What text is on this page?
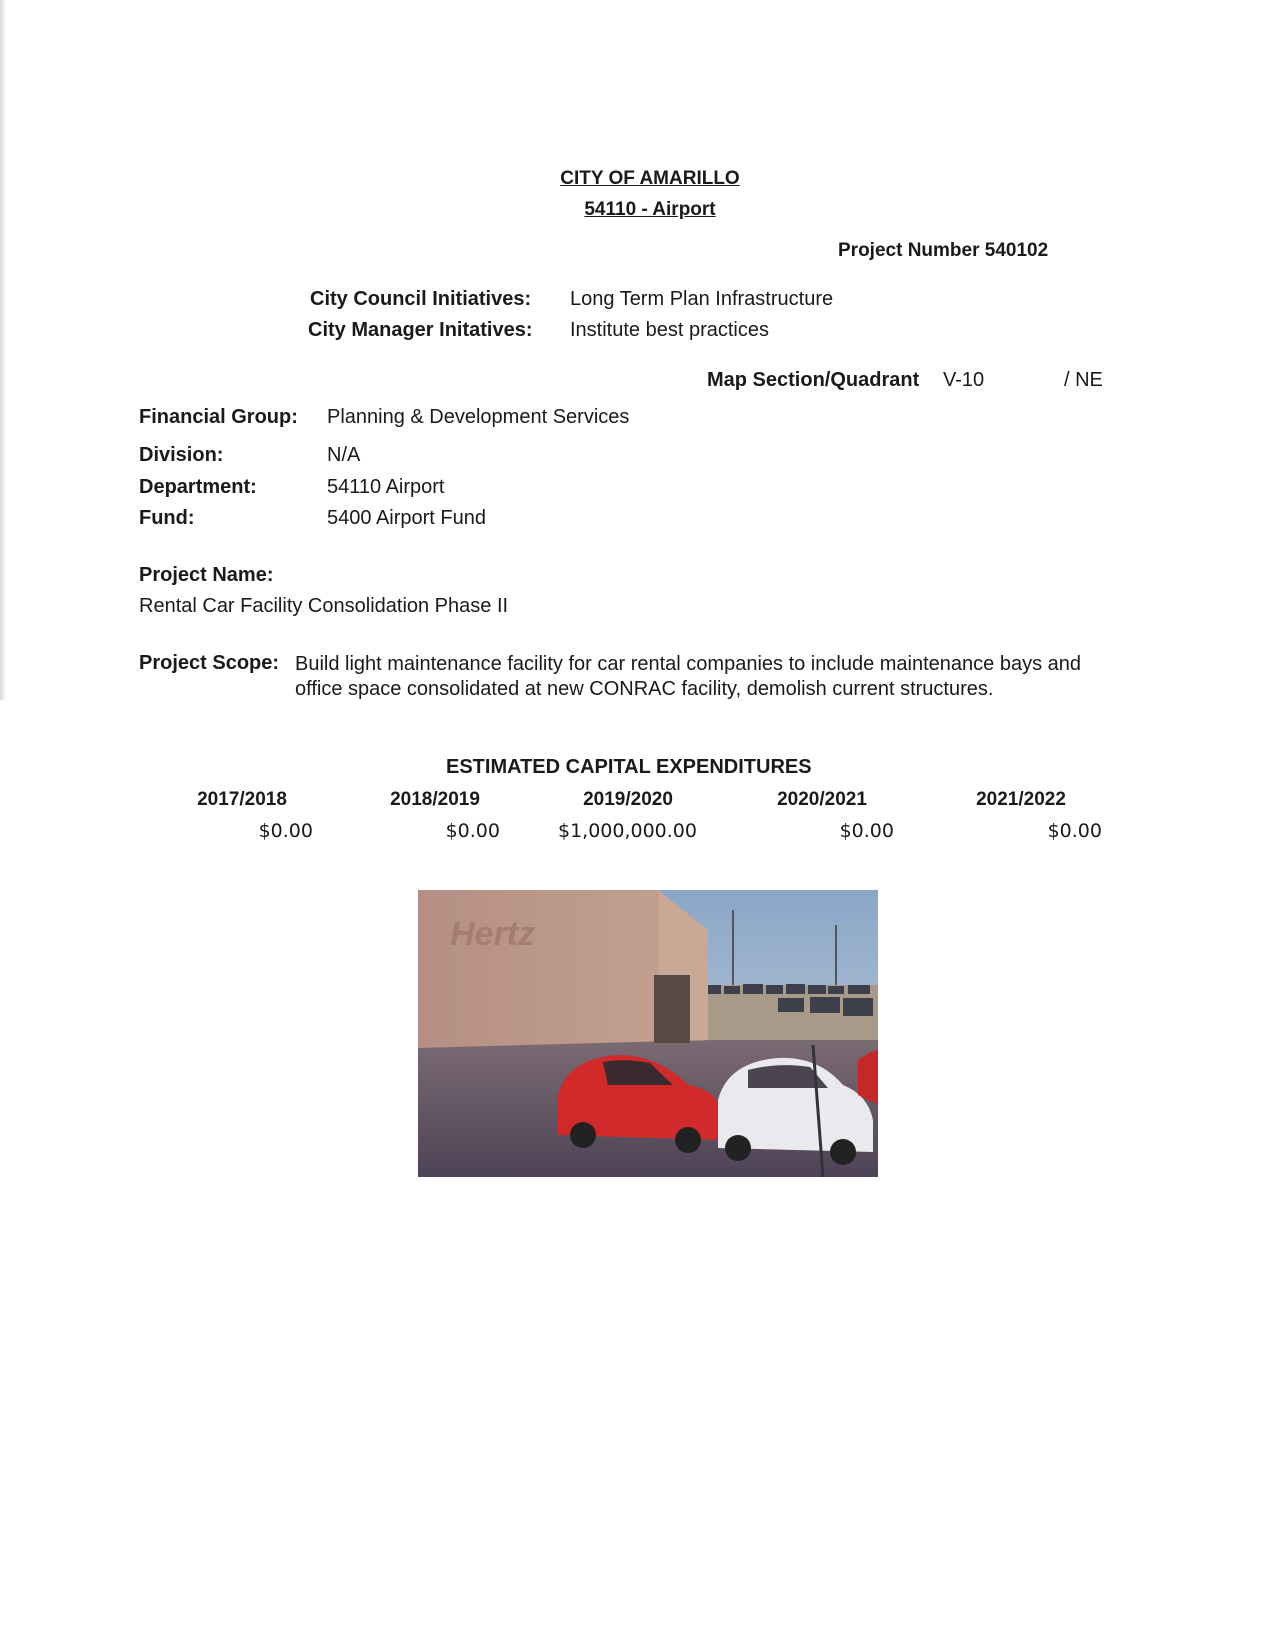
CITY OF AMARILLO
54110 - Airport
Project Number 540102
City Council Initiatives: Long Term Plan Infrastructure
City Manager Initatives: Institute best practices
Map Section/Quadrant V-10	/ NE
Financial Group: Planning & Development Services
Division:	N/A
Department:	54110 Airport
Fund:	5400 Airport Fund
Project Name:
Rental Car Facility Consolidation Phase II
Project Scope: Build light maintenance facility for car rental companies to include maintenance bays and office space consolidated at new CONRAC facility, demolish current structures.
ESTIMATED CAPITAL EXPENDITURES
2017/2018	2018/2019	2019/2020	2020/2021	2021/2022
$0.00	$0.00	$1,000,000.00	$0.00	$0.00
Hertz
